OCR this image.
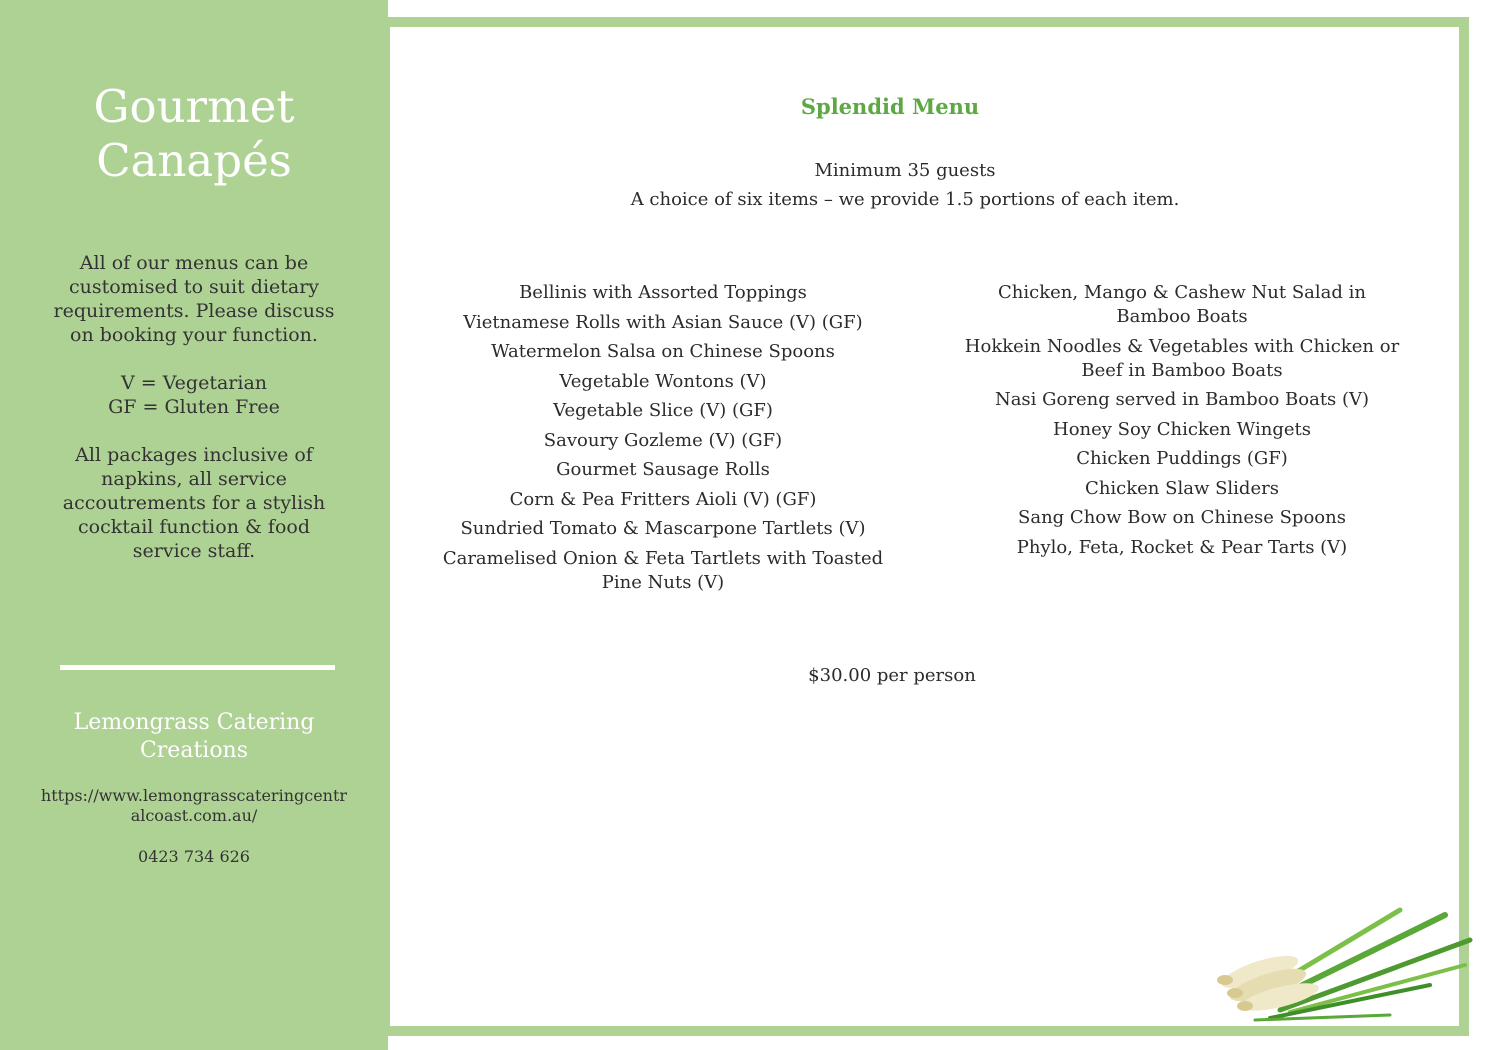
Gourmet
Canapés

All of our menus can be customised to suit dietary requirements. Please discuss on booking your function.

V = Vegetarian
GF = Gluten Free

All packages inclusive of napkins, all service accoutrements for a stylish cocktail function & food service staff.

Lemongrass Catering Creations
https://www.lemongrasscateringcentralcoast.com.au/
0423 734 626
Splendid Menu
Minimum 35 guests
A choice of six items – we provide 1.5 portions of each item.
Bellinis with Assorted Toppings
Vietnamese Rolls with Asian Sauce (V) (GF)
Watermelon Salsa on Chinese Spoons
Vegetable Wontons (V)
Vegetable Slice (V) (GF)
Savoury Gozleme (V) (GF)
Gourmet Sausage Rolls
Corn & Pea Fritters Aioli (V) (GF)
Sundried Tomato & Mascarpone Tartlets (V)
Caramelised Onion & Feta Tartlets with Toasted Pine Nuts (V)
Chicken, Mango & Cashew Nut Salad in Bamboo Boats
Hokkein Noodles & Vegetables with Chicken or Beef in Bamboo Boats
Nasi Goreng served in Bamboo Boats (V)
Honey Soy Chicken Wingets
Chicken Puddings (GF)
Chicken Slaw Sliders
Sang Chow Bow on Chinese Spoons
Phylo, Feta, Rocket & Pear Tarts (V)
$30.00 per person
